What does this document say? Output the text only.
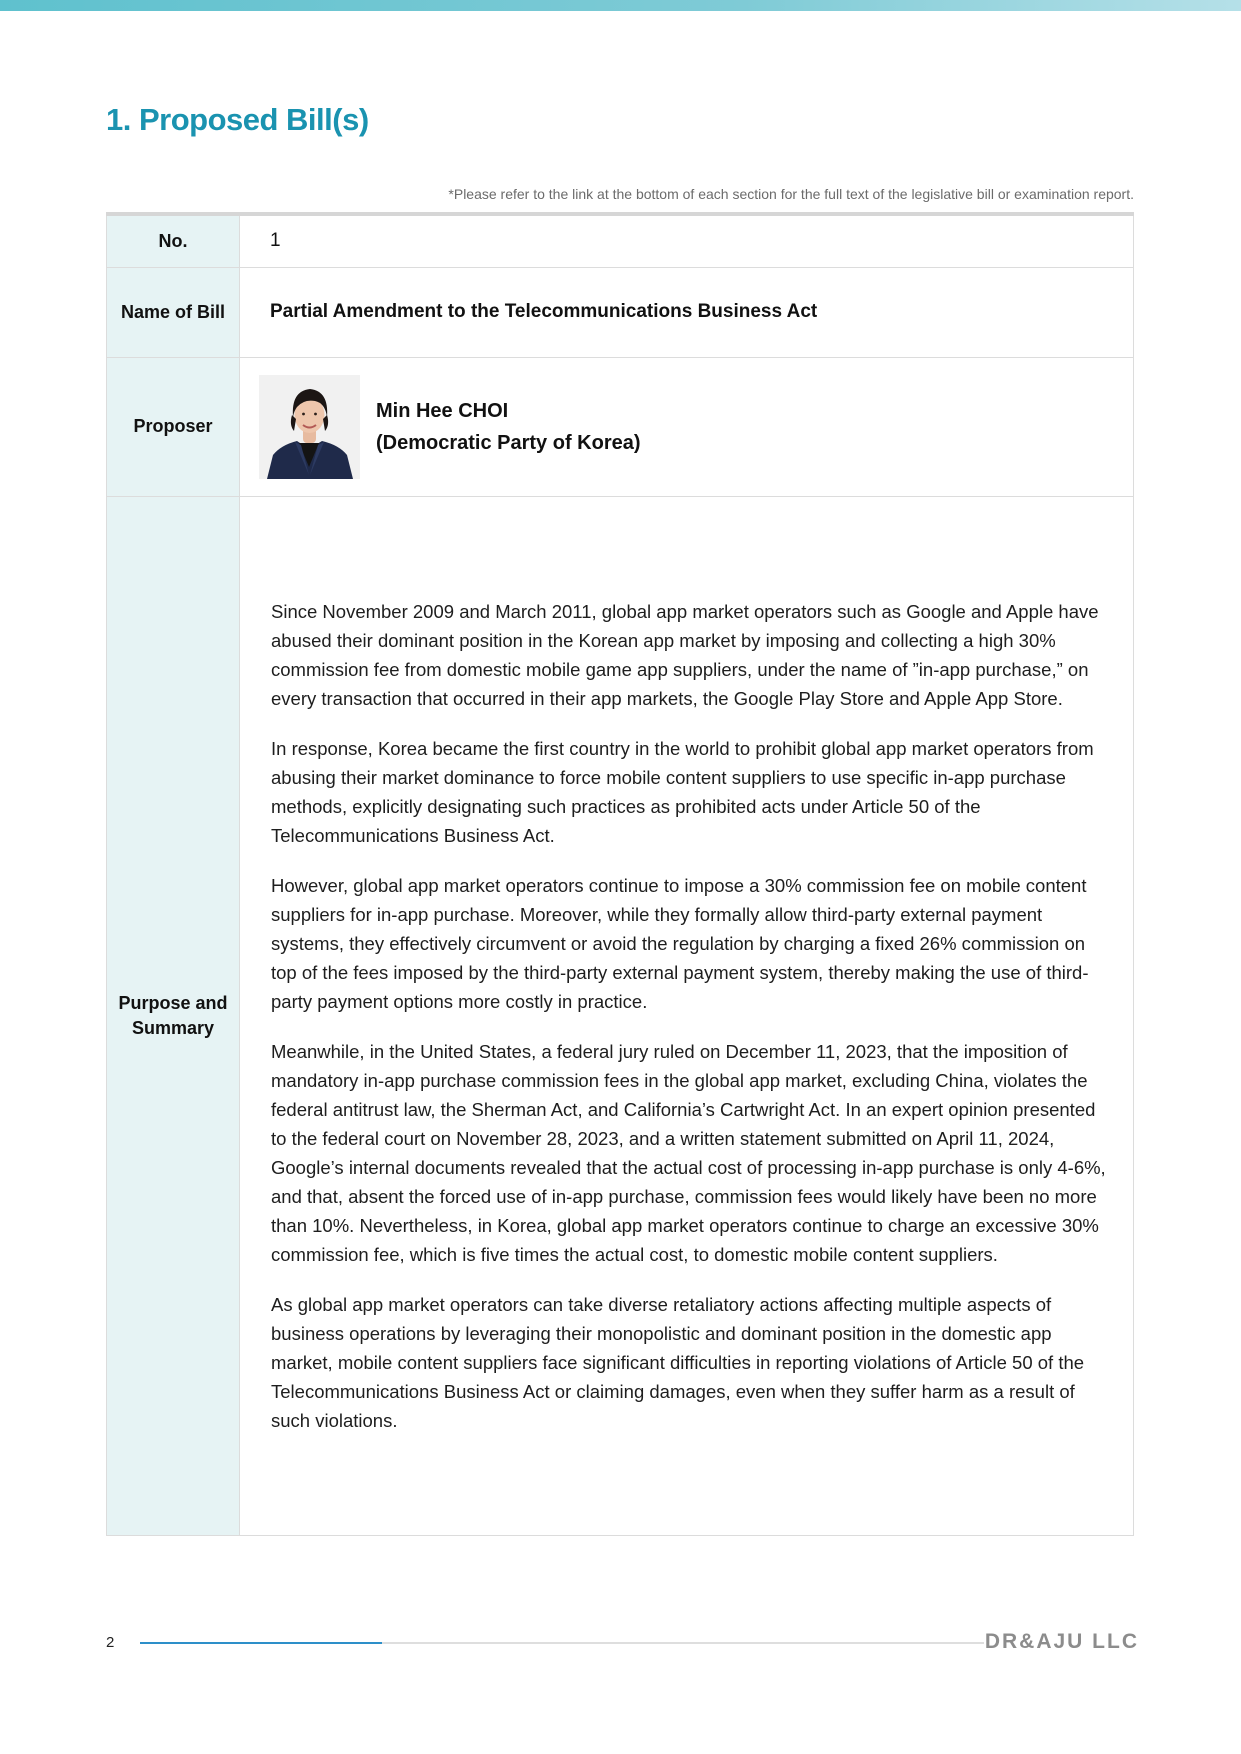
1. Proposed Bill(s)
*Please refer to the link at the bottom of each section for the full text of the legislative bill or examination report.
No.	1
Name of Bill	Partial Amendment to the Telecommunications Business Act
Proposer	Min Hee CHOI
(Democratic Party of Korea)

Purpose and Summary	Since November 2009 and March 2011, global app market operators such as Google and Apple have abused their dominant position in the Korean app market by imposing and collecting a high 30% commission fee from domestic mobile game app suppliers, under the name of ”in-app purchase,” on every transaction that occurred in their app markets, the Google Play Store and Apple App Store.

In response, Korea became the first country in the world to prohibit global app market operators from abusing their market dominance to force mobile content suppliers to use specific in-app purchase methods, explicitly designating such practices as prohibited acts under Article 50 of the Telecommunications Business Act.

However, global app market operators continue to impose a 30% commission fee on mobile content suppliers for in-app purchase. Moreover, while they formally allow third-party external payment systems, they effectively circumvent or avoid the regulation by charging a fixed 26% commission on top of the fees imposed by the third-party external payment system, thereby making the use of third-party payment options more costly in practice.

Meanwhile, in the United States, a federal jury ruled on December 11, 2023, that the imposition of mandatory in-app purchase commission fees in the global app market, excluding China, violates the federal antitrust law, the Sherman Act, and California’s Cartwright Act. In an expert opinion presented to the federal court on November 28, 2023, and a written statement submitted on April 11, 2024, Google’s internal documents revealed that the actual cost of processing in-app purchase is only 4-6%, and that, absent the forced use of in-app purchase, commission fees would likely have been no more than 10%. Nevertheless, in Korea, global app market operators continue to charge an excessive 30% commission fee, which is five times the actual cost, to domestic mobile content suppliers.

As global app market operators can take diverse retaliatory actions affecting multiple aspects of business operations by leveraging their monopolistic and dominant position in the domestic app market, mobile content suppliers face significant difficulties in reporting violations of Article 50 of the Telecommunications Business Act or claiming damages, even when they suffer harm as a result of such violations.

2	DR&AJU LLC
